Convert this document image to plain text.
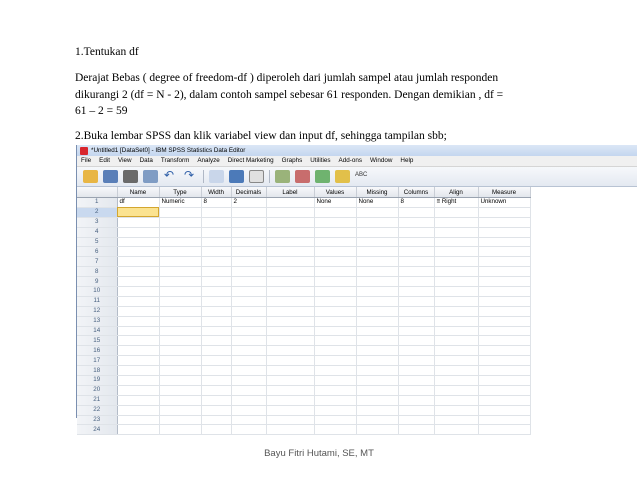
1.Tentukan df
Derajat Bebas ( degree of freedom-df ) diperoleh dari jumlah sampel atau jumlah responden
dikurangi 2 (df = N - 2), dalam contoh sampel sebesar 61 responden. Dengan demikian , df =
61 – 2 = 59
2.Buka lembar SPSS dan klik variabel view dan input df, sehingga tampilan sbb;
*Untitled1 [DataSet0] - IBM SPSS Statistics Data Editor
File Edit View Data Transform Analyze Direct Marketing Graphs Utilities Add-ons Window Help
↶
↷
ABC
	Name	Type	Width	Decimals	Label	Values	Missing	Columns	Align	Measure
1	df	Numeric	8	2		None	None	8	≡ Right	Unknown
2										
3										
4										
5										
6										
7										
8										
9										
10										
11										
12										
13										
14										
15										
16										
17										
18										
19										
20										
21										
22										
23										
24										
Bayu Fitri Hutami, SE, MT
